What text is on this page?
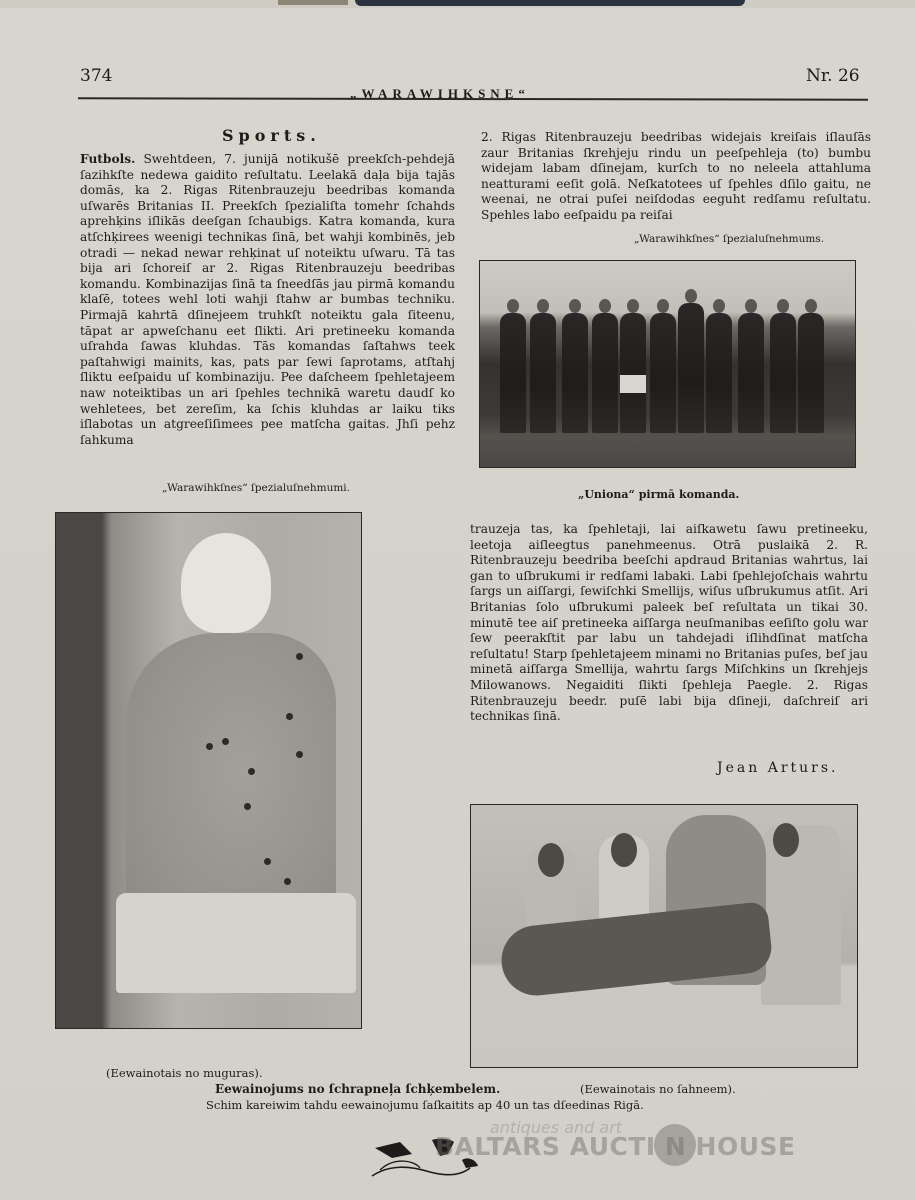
374
„WARAWIHKSNE“
Nr. 26
Sports.

Futbols. Swehtdeen, 7. junijā notikušē preekſch-pehdejā ſazihkſte nedewa gaidito reſultatu. Leelakā daļa bija tajās domās, ka 2. Rigas Ritenbrauzeju beedribas komanda uſwarēs Britanias II. Preekſch ſpezialiſta tomehr ſchahds aprehķins iſlikās deeſgan ſchaubigs. Katra komanda, kura atſchķirees weenigi technikas ſinā, bet wahji kombinēs, jeb otradi — nekad newar rehķinat uſ noteiktu uſwaru. Tā tas bija ari ſchoreiſ ar 2. Rigas Ritenbrauzeju beedribas komandu. Kombinazijas ſinā ta ſneedſās jau pirmā komandu klaſē, totees wehl loti wahji ſtahw ar bumbas techniku. Pirmajā kahrtā dſinejeem truhkſt noteiktu gala ſiteenu, tāpat ar apweſchanu eet ſlikti. Ari pretineeku komanda uſrahda ſawas kluhdas. Tās komandas ſaſtahws teek paſtahwigi mainits, kas, pats par ſewi ſaprotams, atſtahj ſliktu eeſpaidu uſ kombinaziju. Pee daſcheem ſpehletajeem naw noteiktibas un ari ſpehles technikā waretu daudſ ko wehletees, bet zereſim, ka ſchis kluhdas ar laiku tiks iſlabotas un atgreeſiſimees pee matſcha gaitas. Jhſi pehz ſahkuma

„Warawihkſnes“ ſpezialuſnehmumi.

2. Rigas Ritenbrauzeju beedribas widejais kreiſais iſlauſās zaur Britanias ſkrehjeju rindu un peeſpehleja (to) bumbu widejam labam dſinejam, kurſch to no neleela attahluma neatturami eeſit golā. Neſkatotees uſ ſpehles dſilo gaitu, ne weenai, ne otrai puſei neiſdodas eeguht redſamu reſultatu. Spehles labo eeſpaidu pa reiſai

„Warawihkſnes“ ſpezialuſnehmums.
„Uniona“ pirmā komanda.

trauzeja tas, ka ſpehletaji, lai aiſkawetu ſawu pretineeku, leetoja aiſleegtus panehmeenus. Otrā puslaikā 2. R. Ritenbrauzeju beedriba beeſchi apdraud Britanias wahrtus, lai gan to uſbrukumi ir redſami labaki. Labi ſpehlejoſchais wahrtu ſargs un aiſſargi, ſewiſchki Smellijs, wiſus uſbrukumus atſit. Ari Britanias ſolo uſbrukumi paleek beſ reſultata un tikai 30. minutē tee aiſ pretineeka aiſſarga neuſmanibas eeſiſto golu war ſew peerakſtit par labu un tahdejadi iſlihdſinat matſcha reſultatu! Starp ſpehletajeem minami no Britanias puſes, beſ jau minetā aiſſarga Smellija, wahrtu ſargs Miſchkins un ſkrehjejs Milowanows. Negaiditi ſlikti ſpehleja Paegle. 2. Rigas Ritenbrauzeju beedr. puſē labi bija dſineji, daſchreiſ ari technikas ſinā.

Jean Arturs.
(Eewainotais no muguras).
(Eewainotais no ſahneem).
Eewainojums no ſchrapneļa ſchķembelem.
Schim kareiwim tahdu eewainojumu ſaſkaitits ap 40 un tas dſeedinas Rigā.
antiques and art
BALTARS AUCTI N HOUSE
